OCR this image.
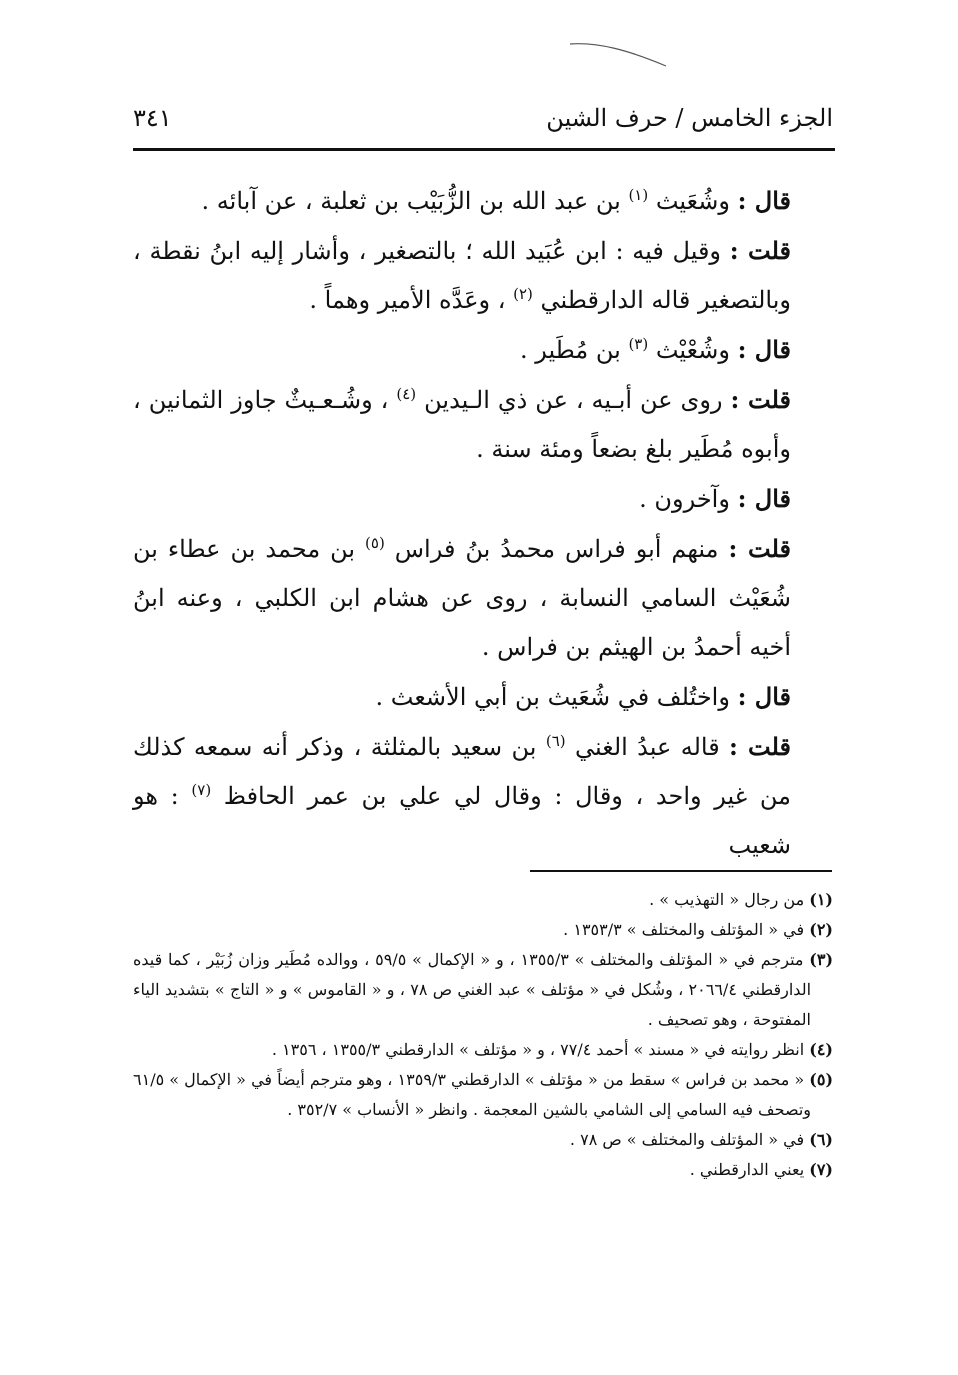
الجزء الخامس / حرف الشين
٣٤١

قال : وشُعَيث $^{(١)}$ بن عبد الله بن الزُّبَيْب بن ثعلبة ، عن آبائه .

قلت : وقيل فيه : ابن عُبَيد الله ؛ بالتصغير ، وأشار إليه ابنُ نقطة ، وبالتصغير قاله الدارقطني $^{(٢)}$ ، وعَدَّه الأمير وهماً .

قال : وشُعْيْث $^{(٣)}$ بن مُطَير .

قلت : روى عن أبـيه ، عن ذي الـيدين $^{(٤)}$ ، وشُـعـيثٌ جاوز الثمانين ، وأبوه مُطَير بلغ بضعاً ومئة سنة .

قال : وآخرون .

قلت : منهم أبو فراس محمدُ بنُ فراس $^{(٥)}$ بن محمد بن عطاء بن شُعَيْث السامي النسابة ، روى عن هشام ابن الكلبي ، وعنه ابنُ أخيه أحمدُ بن الهيثم بن فراس .

قال : واختُلف في شُعَيث بن أبي الأشعث .

قلت : قاله عبدُ الغني $^{(٦)}$ بن سعيد بالمثلثة ، وذكر أنه سمعه كذلك من غير واحد ، وقال : وقال لي علي بن عمر الحافظ $^{(٧)}$ : هو شعيب

(١) من رجال « التهذيب » .

(٢) في « المؤتلف والمختلف » ١٣٥٣/٣ .

(٣) مترجم في « المؤتلف والمختلف » ١٣٥٥/٣ ، و « الإكمال » ٥٩/٥ ، ووالده مُطَير وزان زُبَيْر ، كما قيده الدارقطني ٢٠٦٦/٤ ، وشُكل في « مؤتلف » عبد الغني ص ٧٨ ، و « القاموس » و « التاج » بتشديد الياء المفتوحة ، وهو تصحيف .

(٤) انظر روايته في « مسند » أحمد ٧٧/٤ ، و « مؤتلف » الدارقطني ١٣٥٥/٣ ، ١٣٥٦ .

(٥) « محمد بن فراس » سقط من « مؤتلف » الدارقطني ١٣٥٩/٣ ، وهو مترجم أيضاً في « الإكمال » ٦١/٥ وتصحف فيه السامي إلى الشامي بالشين المعجمة . وانظر « الأنساب » ٣٥٢/٧ .

(٦) في « المؤتلف والمختلف » ص ٧٨ .

(٧) يعني الدارقطني .
